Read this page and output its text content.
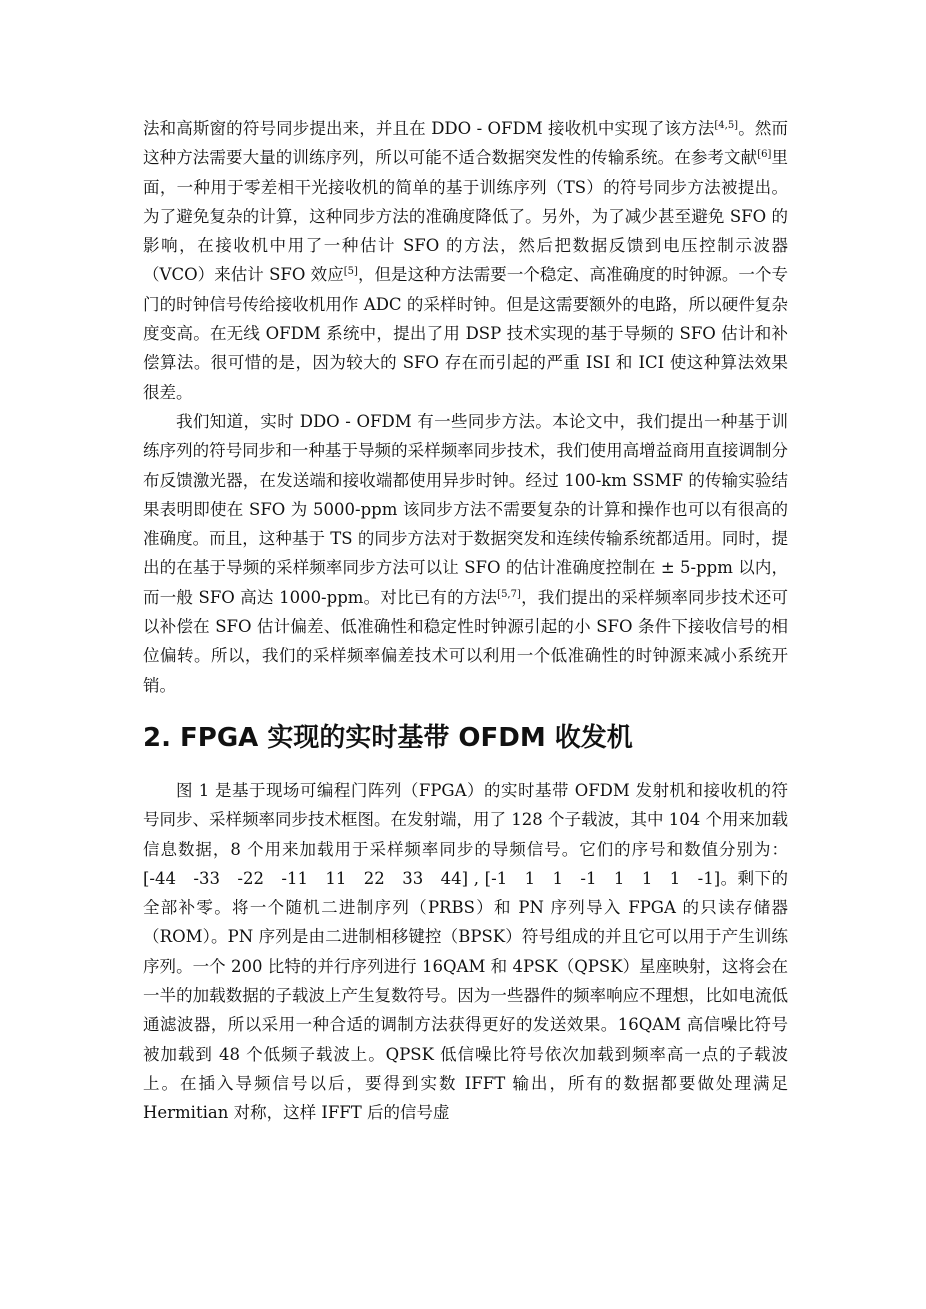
法和高斯窗的符号同步提出来，并且在 DDO - OFDM 接收机中实现了该方法[4,5]。然而这种方法需要大量的训练序列，所以可能不适合数据突发性的传输系统。在参考文献[6]里面，一种用于零差相干光接收机的简单的基于训练序列（TS）的符号同步方法被提出。为了避免复杂的计算，这种同步方法的准确度降低了。另外，为了减少甚至避免 SFO 的影响，在接收机中用了一种估计 SFO 的方法，然后把数据反馈到电压控制示波器（VCO）来估计 SFO 效应[5]，但是这种方法需要一个稳定、高准确度的时钟源。一个专门的时钟信号传给接收机用作 ADC 的采样时钟。但是这需要额外的电路，所以硬件复杂度变高。在无线 OFDM 系统中，提出了用 DSP 技术实现的基于导频的 SFO 估计和补偿算法。很可惜的是，因为较大的 SFO 存在而引起的严重 ISI 和 ICI 使这种算法效果很差。

我们知道，实时 DDO - OFDM 有一些同步方法。本论文中，我们提出一种基于训练序列的符号同步和一种基于导频的采样频率同步技术，我们使用高增益商用直接调制分布反馈激光器，在发送端和接收端都使用异步时钟。经过 100-km SSMF 的传输实验结果表明即使在 SFO 为 5000-ppm 该同步方法不需要复杂的计算和操作也可以有很高的准确度。而且，这种基于 TS 的同步方法对于数据突发和连续传输系统都适用。同时，提出的在基于导频的采样频率同步方法可以让 SFO 的估计准确度控制在 ± 5-ppm 以内，而一般 SFO 高达 1000-ppm。对比已有的方法[5,7]，我们提出的采样频率同步技术还可以补偿在 SFO 估计偏差、低准确性和稳定性时钟源引起的小 SFO 条件下接收信号的相位偏转。所以，我们的采样频率偏差技术可以利用一个低准确性的时钟源来减小系统开销。

2. FPGA 实现的实时基带 OFDM 收发机

图 1 是基于现场可编程门阵列（FPGA）的实时基带 OFDM 发射机和接收机的符号同步、采样频率同步技术框图。在发射端，用了 128 个子载波，其中 104 个用来加载信息数据，8 个用来加载用于采样频率同步的导频信号。它们的序号和数值分别为：[-44　-33　-22　-11　11　22　33　44] , [-1　1　1　-1　1　1　1　-1]。剩下的全部补零。将一个随机二进制序列（PRBS）和 PN 序列导入 FPGA 的只读存储器（ROM）。PN 序列是由二进制相移键控（BPSK）符号组成的并且它可以用于产生训练序列。一个 200 比特的并行序列进行 16QAM 和 4PSK（QPSK）星座映射，这将会在一半的加载数据的子载波上产生复数符号。因为一些器件的频率响应不理想，比如电流低通滤波器，所以采用一种合适的调制方法获得更好的发送效果。16QAM 高信噪比符号被加载到 48 个低频子载波上。QPSK 低信噪比符号依次加载到频率高一点的子载波上。在插入导频信号以后，要得到实数 IFFT 输出，所有的数据都要做处理满足 Hermitian 对称，这样 IFFT 后的信号虚
